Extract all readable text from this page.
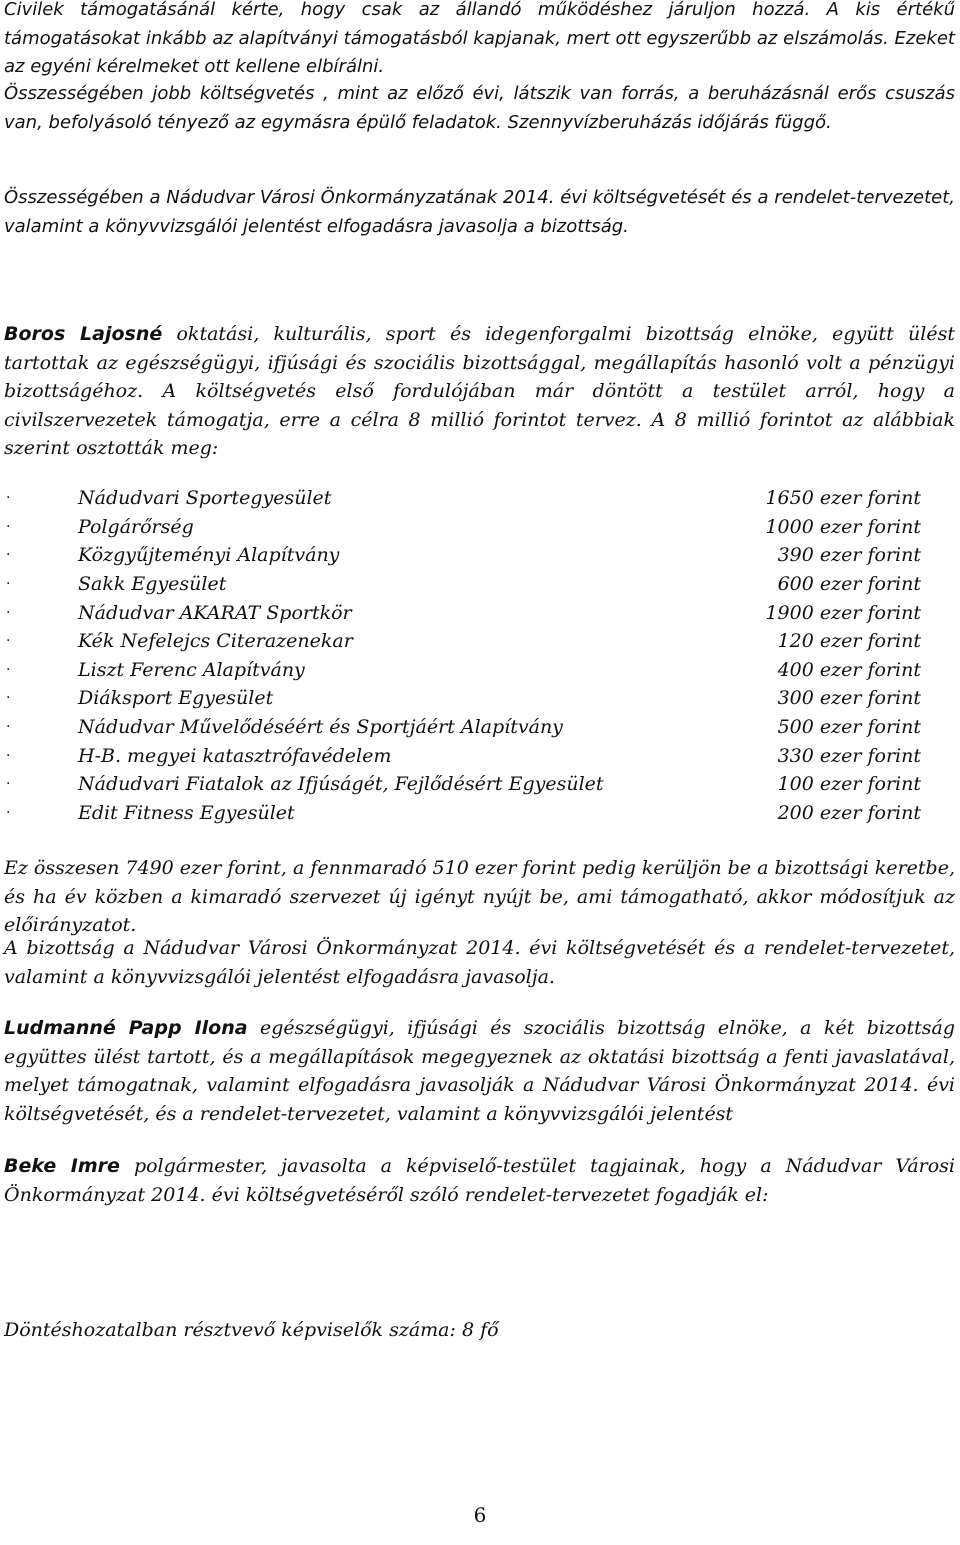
Civilek támogatásánál kérte, hogy csak az állandó működéshez járuljon hozzá. A kis értékű támogatásokat inkább az alapítványi támogatásból kapjanak, mert ott egyszerűbb az elszámolás. Ezeket az egyéni kérelmeket ott kellene elbírálni.

Összességében jobb költségvetés , mint az előző évi, látszik van forrás, a beruházásnál erős csuszás van, befolyásoló tényező az egymásra épülő feladatok. Szennyvízberuházás időjárás függő.

Összességében a Nádudvar Városi Önkormányzatának 2014. évi költségvetését és a rendelet-tervezetet, valamint a könyvvizsgálói jelentést elfogadásra javasolja a bizottság.

Boros Lajosné oktatási, kulturális, sport és idegenforgalmi bizottság elnöke, együtt ülést tartottak az egészségügyi, ifjúsági és szociális bizottsággal, megállapítás hasonló volt a pénzügyi bizottságéhoz. A költségvetés első fordulójában már döntött a testület arról, hogy a civilszervezetek támogatja, erre a célra 8 millió forintot tervez. A 8 millió forintot az alábbiak szerint osztották meg:

·	Nádudvari Sportegyesület	1650 ezer forint
·	Polgárőrség	1000 ezer forint
·	Közgyűjteményi Alapítvány	390 ezer forint
·	Sakk Egyesület	600 ezer forint
·	Nádudvar AKARAT Sportkör	1900 ezer forint
·	Kék Nefelejcs Citerazenekar	120 ezer forint
·	Liszt Ferenc Alapítvány	400 ezer forint
·	Diáksport Egyesület	300 ezer forint
·	Nádudvar Művelődéséért és Sportjáért Alapítvány	500 ezer forint
·	H-B. megyei katasztrófavédelem	330 ezer forint
·	Nádudvari Fiatalok az Ifjúságét, Fejlődésért Egyesület	100 ezer forint
·	Edit Fitness Egyesület	200 ezer forint

Ez összesen 7490 ezer forint, a fennmaradó 510 ezer forint pedig kerüljön be a bizottsági keretbe, és ha év közben a kimaradó szervezet új igényt nyújt be, ami támogatható, akkor módosítjuk az előirányzatot.

A bizottság a Nádudvar Városi Önkormányzat 2014. évi költségvetését és a rendelet-tervezetet, valamint a könyvvizsgálói jelentést elfogadásra javasolja.

Ludmanné Papp Ilona egészségügyi, ifjúsági és szociális bizottság elnöke, a két bizottság együttes ülést tartott, és a megállapítások megegyeznek az oktatási bizottság a fenti javaslatával, melyet támogatnak, valamint elfogadásra javasolják a Nádudvar Városi Önkormányzat 2014. évi költségvetését, és a rendelet-tervezetet, valamint a könyvvizsgálói jelentést

Beke Imre polgármester, javasolta a képviselő-testület tagjainak, hogy a Nádudvar Városi Önkormányzat 2014. évi költségvetéséről szóló rendelet-tervezetet fogadják el:

Döntéshozatalban résztvevő képviselők száma: 8 fő

6
